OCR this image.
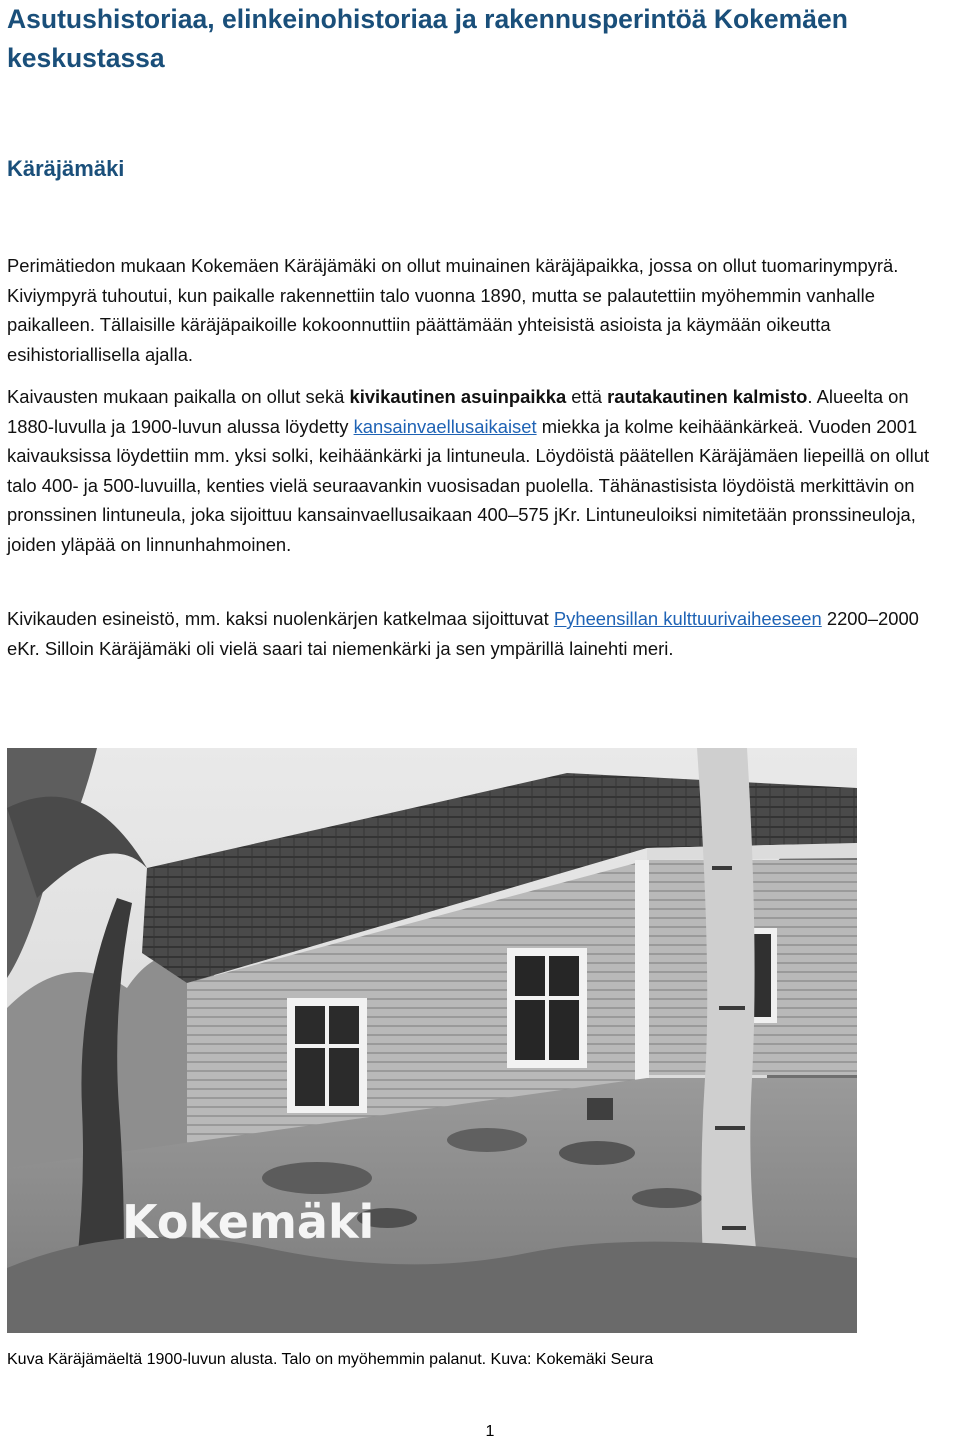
Asutushistoriaa, elinkeinohistoriaa ja rakennusperintöä Kokemäen keskustassa
Käräjämäki

Perimätiedon mukaan Kokemäen Käräjämäki on ollut muinainen käräjäpaikka, jossa on ollut tuomarinympyrä. Kiviympyrä tuhoutui, kun paikalle rakennettiin talo vuonna 1890, mutta se palautettiin myöhemmin vanhalle paikalleen. Tällaisille käräjäpaikoille kokoonnuttiin päättämään yhteisistä asioista ja käymään oikeutta esihistoriallisella ajalla.

Kaivausten mukaan paikalla on ollut sekä kivikautinen asuinpaikka että rautakautinen kalmisto. Alueelta on 1880-luvulla ja 1900-luvun alussa löydetty kansainvaellusaikaiset miekka ja kolme keihäänkärkeä. Vuoden 2001 kaivauksissa löydettiin mm. yksi solki, keihäänkärki ja lintuneula. Löydöistä päätellen Käräjämäen liepeillä on ollut talo 400- ja 500-luvuilla, kenties vielä seuraavankin vuosisadan puolella. Tähänastisista löydöistä merkittävin on pronssinen lintuneula, joka sijoittuu kansainvaellusaikaan 400–575 jKr. Lintuneuloiksi nimitetään pronssineuloja, joiden yläpää on linnunhahmoinen.

Kivikauden esineistö, mm. kaksi nuolenkärjen katkelmaa sijoittuvat Pyheensillan kulttuurivaiheeseen 2200–2000 eKr. Silloin Käräjämäki oli vielä saari tai niemenkärki ja sen ympärillä lainehti meri.

Kokemäki

Kuva Käräjämäeltä 1900-luvun alusta. Talo on myöhemmin palanut. Kuva: Kokemäki Seura

1
